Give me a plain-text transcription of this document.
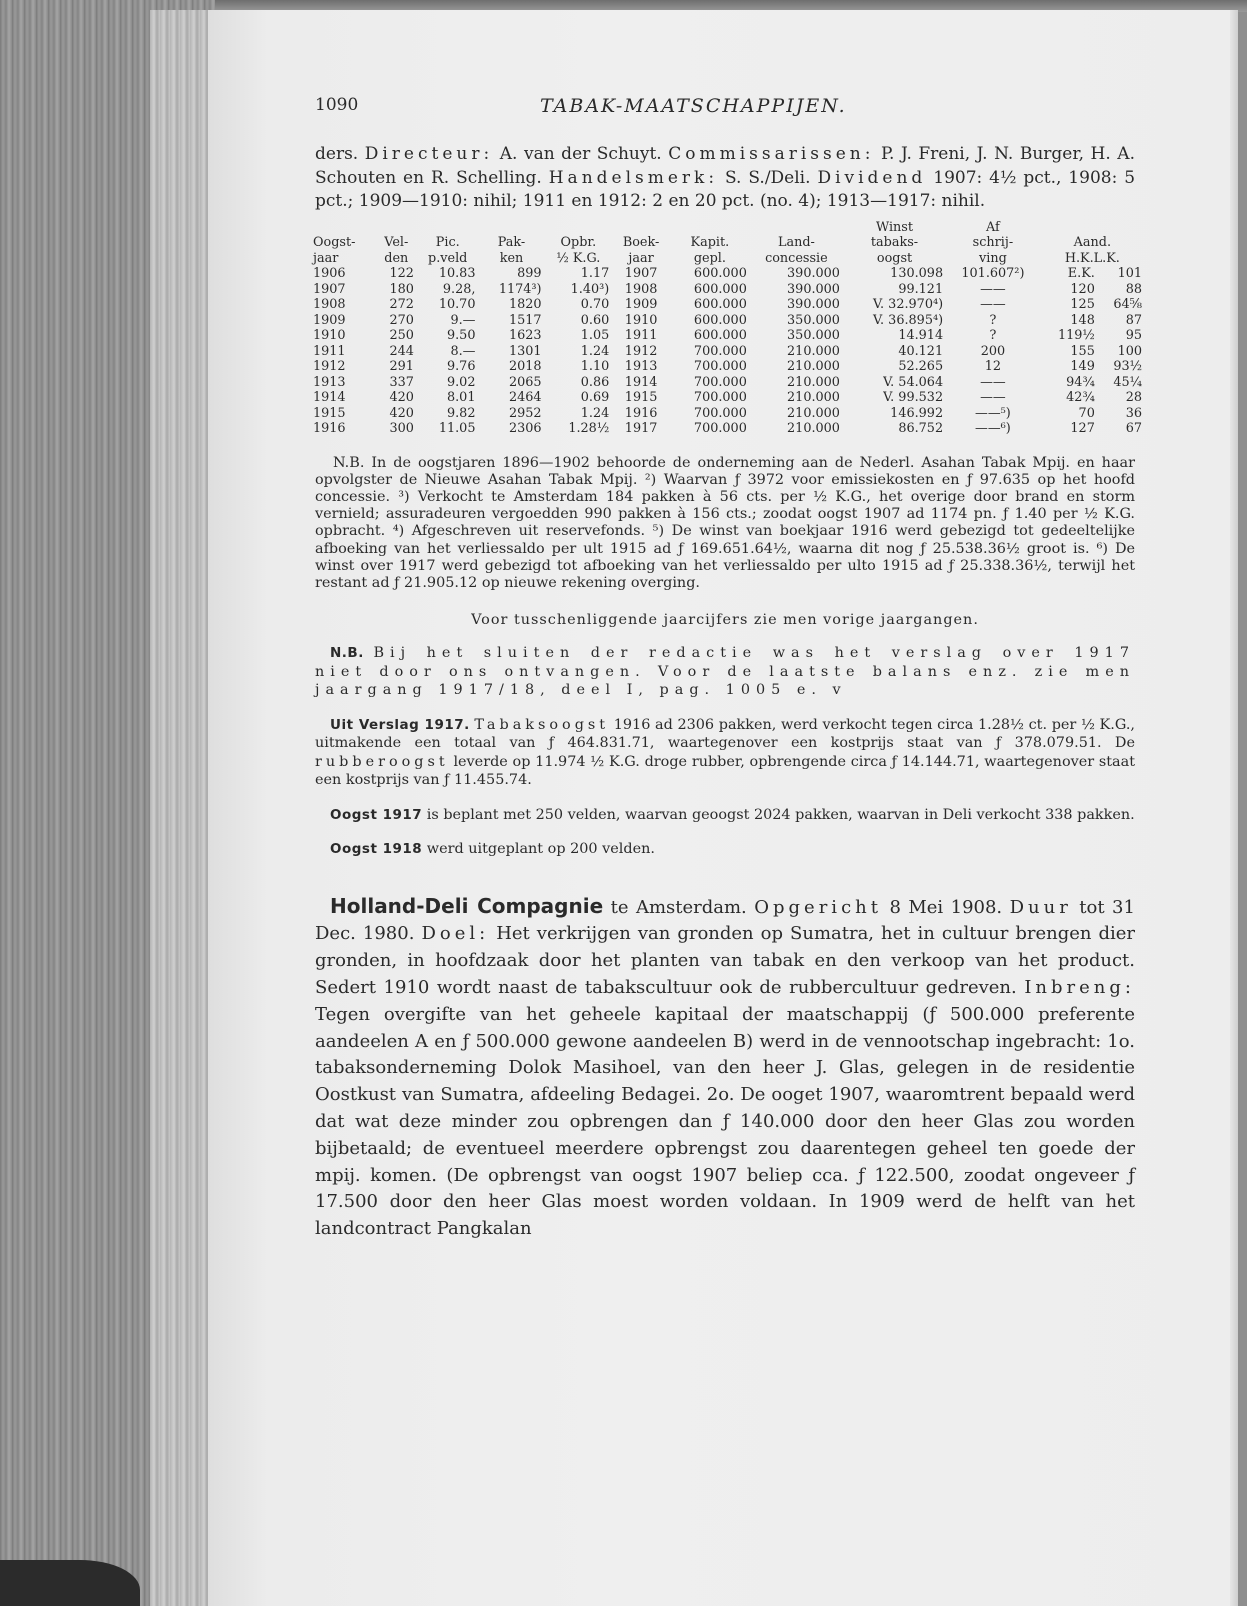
1090	TABAK-MAATSCHAPPIJEN.

ders. Directeur: A. van der Schuyt. Commissarissen: P. J. Freni, J. N. Burger, H. A. Schouten en R. Schelling. Handelsmerk: S. S./Deli. Dividend 1907: 4½ pct., 1908: 5 pct.; 1909—1910: nihil; 1911 en 1912: 2 en 20 pct. (no. 4); 1913—1917: nihil.

								Winst	Af		
Oogst-	Vel-	Pic.	Pak-	Opbr.	Boek-	Kapit.	Land-	tabaks-	schrij-	Aand.	
jaar	den	p.veld	ken	½ K.G.	jaar	gepl.	concessie	oogst	ving	H.K.L.K.	
1906	122	10.83	899	1.17	1907	600.000	390.000	130.098	101.607²)	E.K.	101
1907	180	9.28,	1174³)	1.40³)	1908	600.000	390.000	99.121	——	120	88
1908	272	10.70	1820	0.70	1909	600.000	390.000	V. 32.970⁴)	——	125	64⅝
1909	270	9.—	1517	0.60	1910	600.000	350.000	V. 36.895⁴)	?	148	87
1910	250	9.50	1623	1.05	1911	600.000	350.000	14.914	?	119½	95
1911	244	8.—	1301	1.24	1912	700.000	210.000	40.121	200	155	100
1912	291	9.76	2018	1.10	1913	700.000	210.000	52.265	12	149	93½
1913	337	9.02	2065	0.86	1914	700.000	210.000	V. 54.064	——	94¾	45¼
1914	420	8.01	2464	0.69	1915	700.000	210.000	V. 99.532	——	42¾	28
1915	420	9.82	2952	1.24	1916	700.000	210.000	146.992	——⁵)	70	36
1916	300	11.05	2306	1.28½	1917	700.000	210.000	86.752	——⁶)	127	67

N.B. In de oogstjaren 1896—1902 behoorde de onderneming aan de Nederl. Asahan Tabak Mpij. en haar opvolgster de Nieuwe Asahan Tabak Mpij. ²) Waarvan ƒ 3972 voor emissiekosten en ƒ 97.635 op het hoofd concessie. ³) Verkocht te Amsterdam 184 pakken à 56 cts. per ½ K.G., het overige door brand en storm vernield; assuradeuren vergoedden 990 pakken à 156 cts.; zoodat oogst 1907 ad 1174 pn. ƒ 1.40 per ½ K.G. opbracht. ⁴) Afgeschreven uit reservefonds. ⁵) De winst van boekjaar 1916 werd gebezigd tot gedeeltelijke afboeking van het verliessaldo per ult 1915 ad ƒ 169.651.64½, waarna dit nog ƒ 25.538.36½ groot is. ⁶) De winst over 1917 werd gebezigd tot afboeking van het verliessaldo per ulto 1915 ad ƒ 25.338.36½, terwijl het restant ad ƒ 21.905.12 op nieuwe rekening overging.

Voor tusschenliggende jaarcijfers zie men vorige jaargangen.

N.B. Bij het sluiten der redactie was het verslag over 1917 niet door ons ontvangen. Voor de laatste balans enz. zie men jaargang 1917/18, deel I, pag. 1005 e. v

Uit Verslag 1917. Tabaksoogst 1916 ad 2306 pakken, werd verkocht tegen circa 1.28½ ct. per ½ K.G., uitmakende een totaal van ƒ 464.831.71, waartegenover een kostprijs staat van ƒ 378.079.51. De rubberoogst leverde op 11.974 ½ K.G. droge rubber, opbrengende circa ƒ 14.144.71, waartegenover staat een kostprijs van ƒ 11.455.74.

Oogst 1917 is beplant met 250 velden, waarvan geoogst 2024 pakken, waarvan in Deli verkocht 338 pakken.

Oogst 1918 werd uitgeplant op 200 velden.

Holland-Deli Compagnie te Amsterdam. Opgericht 8 Mei 1908. Duur tot 31 Dec. 1980. Doel: Het verkrijgen van gronden op Sumatra, het in cultuur brengen dier gronden, in hoofdzaak door het planten van tabak en den verkoop van het product. Sedert 1910 wordt naast de tabakscultuur ook de rubbercultuur gedreven. Inbreng: Tegen overgifte van het geheele kapitaal der maatschappij (ƒ 500.000 preferente aandeelen A en ƒ 500.000 gewone aandeelen B) werd in de vennootschap ingebracht: 1o. tabaksonderneming Dolok Masihoel, van den heer J. Glas, gelegen in de residentie Oostkust van Sumatra, afdeeling Bedagei. 2o. De ooget 1907, waaromtrent bepaald werd dat wat deze minder zou opbrengen dan ƒ 140.000 door den heer Glas zou worden bijbetaald; de eventueel meerdere opbrengst zou daarentegen geheel ten goede der mpij. komen. (De opbrengst van oogst 1907 beliep cca. ƒ 122.500, zoodat ongeveer ƒ 17.500 door den heer Glas moest worden voldaan. In 1909 werd de helft van het landcontract Pangkalan
